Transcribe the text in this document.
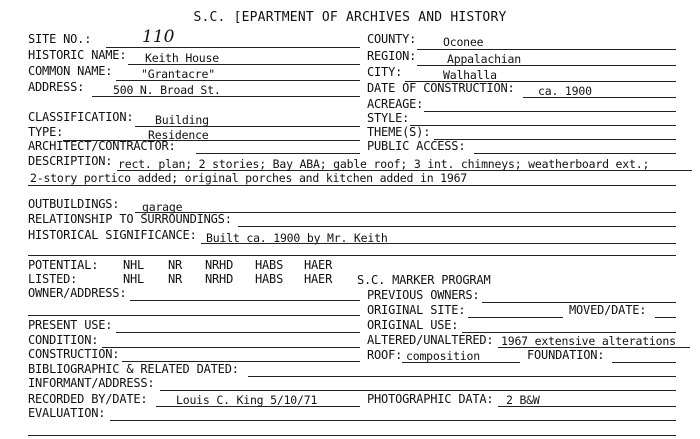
S.C. [EPARTMENT OF ARCHIVES AND HISTORY
SITE NO.:	110	COUNTY: Oconee
HISTORIC NAME: Keith House	REGION:	Appalachian
COMMON NAME: "Grantacre"	CITY:	Walhalla
ADDRESS:	500 N. Broad St.	DATE OF CONSTRUCTION: ca. 1900
ACREAGE:
CLASSIFICATION: Building	STYLE:
TYPE:	Residence	THEME(S):
ARCHITECT/CONTRACTOR:	PUBLIC ACCESS:
DESCRIPTION: rect. plan; 2 stories; Bay ABA; gable roof; 3 int. chimneys; weatherboard ext.;
2-story portico added; original porches and kitchen added in 1967
OUTBUILDINGS: garage
RELATIONSHIP TO SURROUNDINGS:
HISTORICAL SIGNIFICANCE: Built ca. 1900 by Mr. Keith
POTENTIAL: NHL NR NRHD HABS HAER
LISTED:	NHL NR NRHD HABS HAER S.C. MARKER PROGRAM
OWNER/ADDRESS:	PREVIOUS OWNERS:
ORIGINAL SITE:	MOVED/DATE:
PRESENT USE:	ORIGINAL USE:
CONDITION:	ALTERED/UNALTERED: 1967 extensive alterations
CONSTRUCTION:	ROOF: composition	FOUNDATION:
BIBLIOGRAPHIC & RELATED DATED:
INFORMANT/ADDRESS:
RECORDED BY/DATE: Louis C. King 5/10/71	PHOTOGRAPHIC DATA: 2 B&W
EVALUATION:
